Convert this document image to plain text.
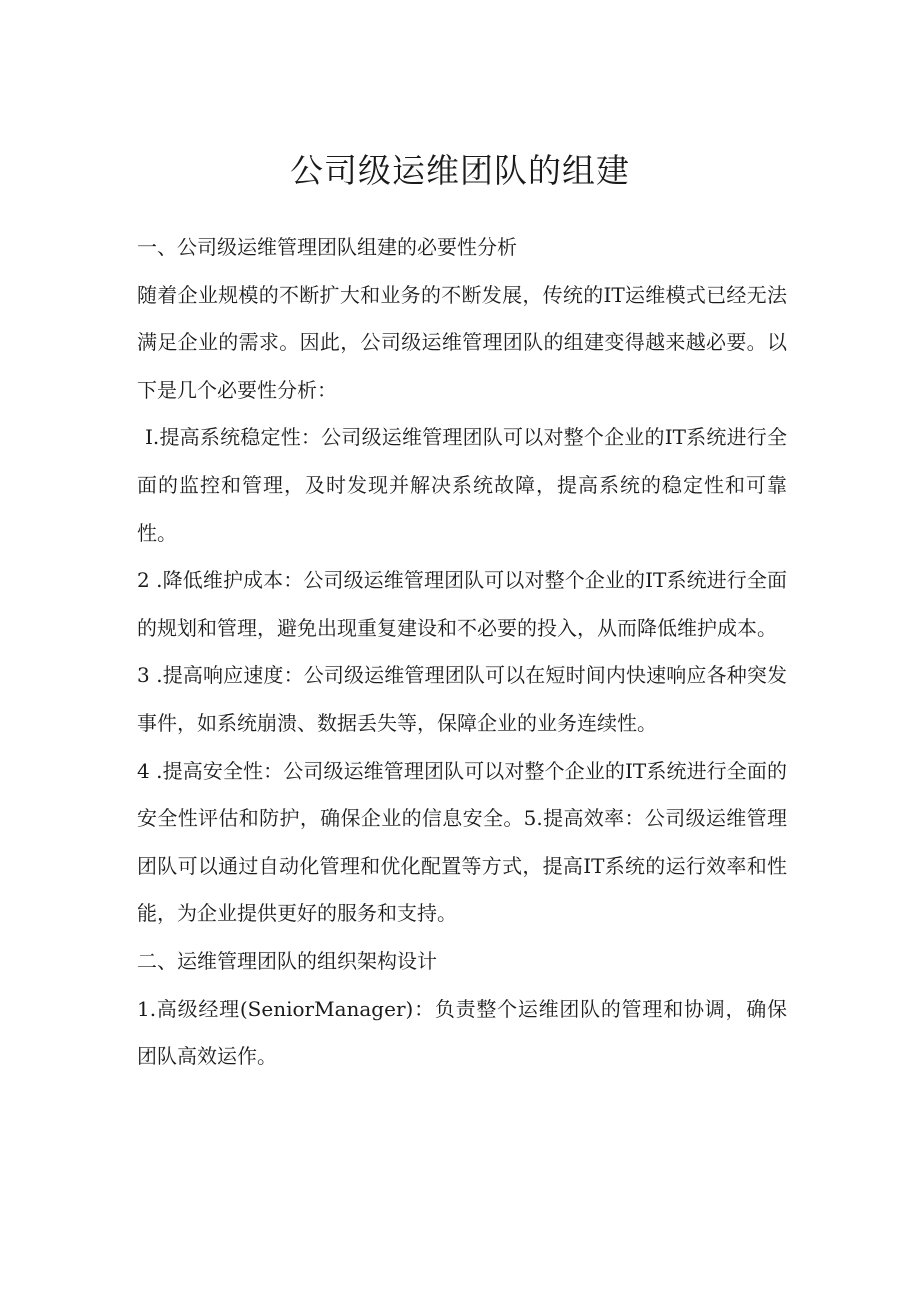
公司级运维团队的组建

一、公司级运维管理团队组建的必要性分析

随着企业规模的不断扩大和业务的不断发展，传统的IT运维模式已经无法满足企业的需求。因此，公司级运维管理团队的组建变得越来越必要。以下是几个必要性分析：

I.提高系统稳定性：公司级运维管理团队可以对整个企业的IT系统进行全面的监控和管理，及时发现并解决系统故障，提高系统的稳定性和可靠性。

2 .降低维护成本：公司级运维管理团队可以对整个企业的IT系统进行全面的规划和管理，避免出现重复建设和不必要的投入，从而降低维护成本。

3 .提高响应速度：公司级运维管理团队可以在短时间内快速响应各种突发事件，如系统崩溃、数据丢失等，保障企业的业务连续性。

4 .提高安全性：公司级运维管理团队可以对整个企业的IT系统进行全面的安全性评估和防护，确保企业的信息安全。5.提高效率：公司级运维管理团队可以通过自动化管理和优化配置等方式，提高IT系统的运行效率和性能，为企业提供更好的服务和支持。

二、运维管理团队的组织架构设计

1.高级经理(SeniorManager)：负责整个运维团队的管理和协调，确保团队高效运作。
